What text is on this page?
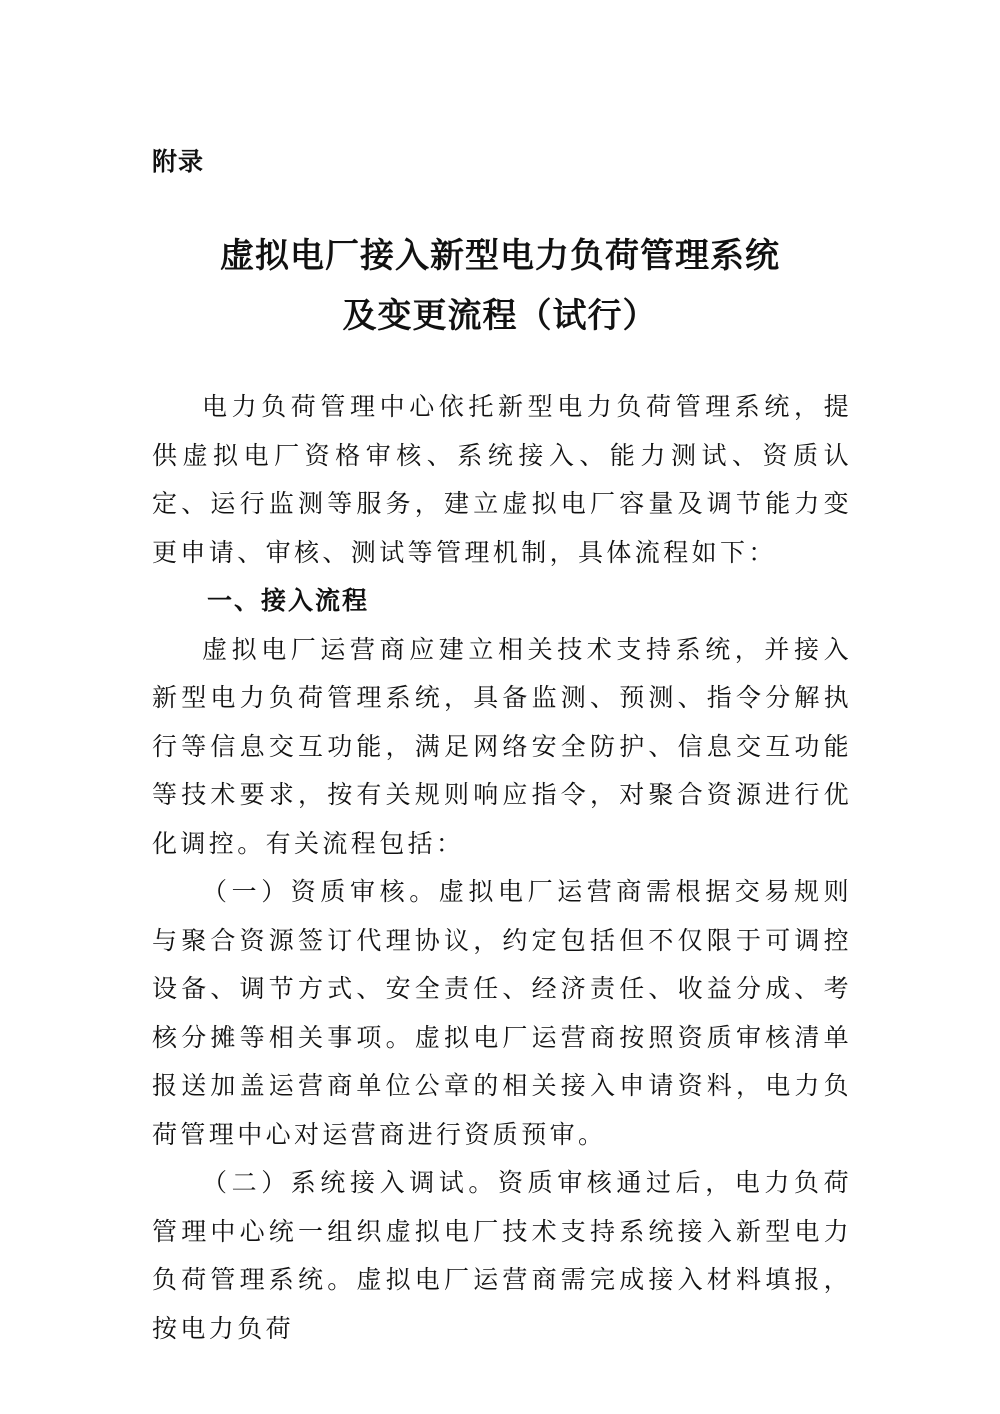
附录
虚拟电厂接入新型电力负荷管理系统
及变更流程（试行）

电力负荷管理中心依托新型电力负荷管理系统，提供虚拟电厂资格审核、系统接入、能力测试、资质认定、运行监测等服务，建立虚拟电厂容量及调节能力变更申请、审核、测试等管理机制，具体流程如下：

一、接入流程

虚拟电厂运营商应建立相关技术支持系统，并接入新型电力负荷管理系统，具备监测、预测、指令分解执行等信息交互功能，满足网络安全防护、信息交互功能等技术要求，按有关规则响应指令，对聚合资源进行优化调控。有关流程包括：

（一）资质审核。虚拟电厂运营商需根据交易规则与聚合资源签订代理协议，约定包括但不仅限于可调控设备、调节方式、安全责任、经济责任、收益分成、考核分摊等相关事项。虚拟电厂运营商按照资质审核清单报送加盖运营商单位公章的相关接入申请资料，电力负荷管理中心对运营商进行资质预审。

（二）系统接入调试。资质审核通过后，电力负荷管理中心统一组织虚拟电厂技术支持系统接入新型电力负荷管理系统。虚拟电厂运营商需完成接入材料填报，按电力负荷
